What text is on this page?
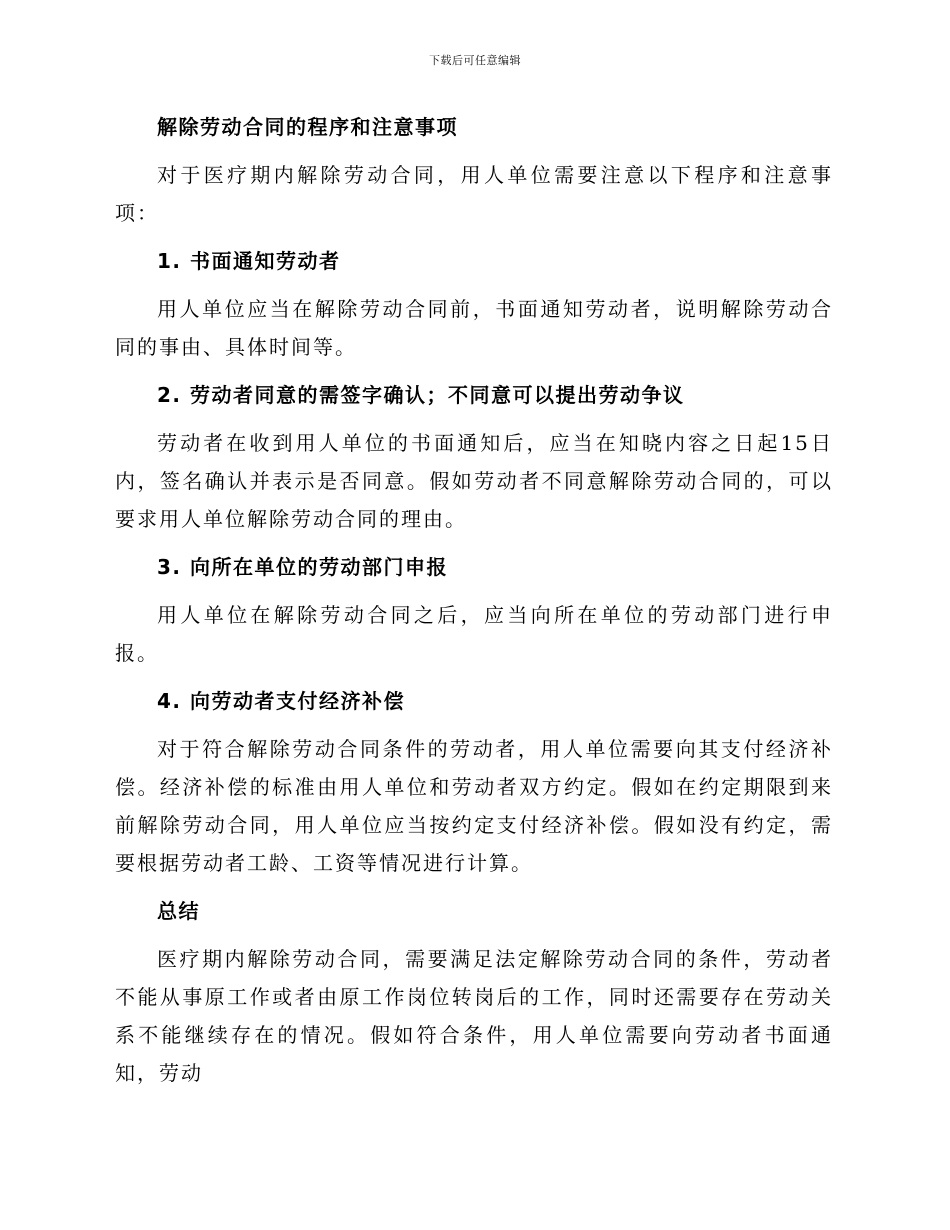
下载后可任意编辑
解除劳动合同的程序和注意事项

对于医疗期内解除劳动合同，用人单位需要注意以下程序和注意事项：

1. 书面通知劳动者

用人单位应当在解除劳动合同前，书面通知劳动者，说明解除劳动合同的事由、具体时间等。

2. 劳动者同意的需签字确认；不同意可以提出劳动争议

劳动者在收到用人单位的书面通知后，应当在知晓内容之日起15日内，签名确认并表示是否同意。假如劳动者不同意解除劳动合同的，可以要求用人单位解除劳动合同的理由。

3. 向所在单位的劳动部门申报

用人单位在解除劳动合同之后，应当向所在单位的劳动部门进行申报。

4. 向劳动者支付经济补偿

对于符合解除劳动合同条件的劳动者，用人单位需要向其支付经济补偿。经济补偿的标准由用人单位和劳动者双方约定。假如在约定期限到来前解除劳动合同，用人单位应当按约定支付经济补偿。假如没有约定，需要根据劳动者工龄、工资等情况进行计算。

总结

医疗期内解除劳动合同，需要满足法定解除劳动合同的条件，劳动者不能从事原工作或者由原工作岗位转岗后的工作，同时还需要存在劳动关系不能继续存在的情况。假如符合条件，用人单位需要向劳动者书面通知，劳动
